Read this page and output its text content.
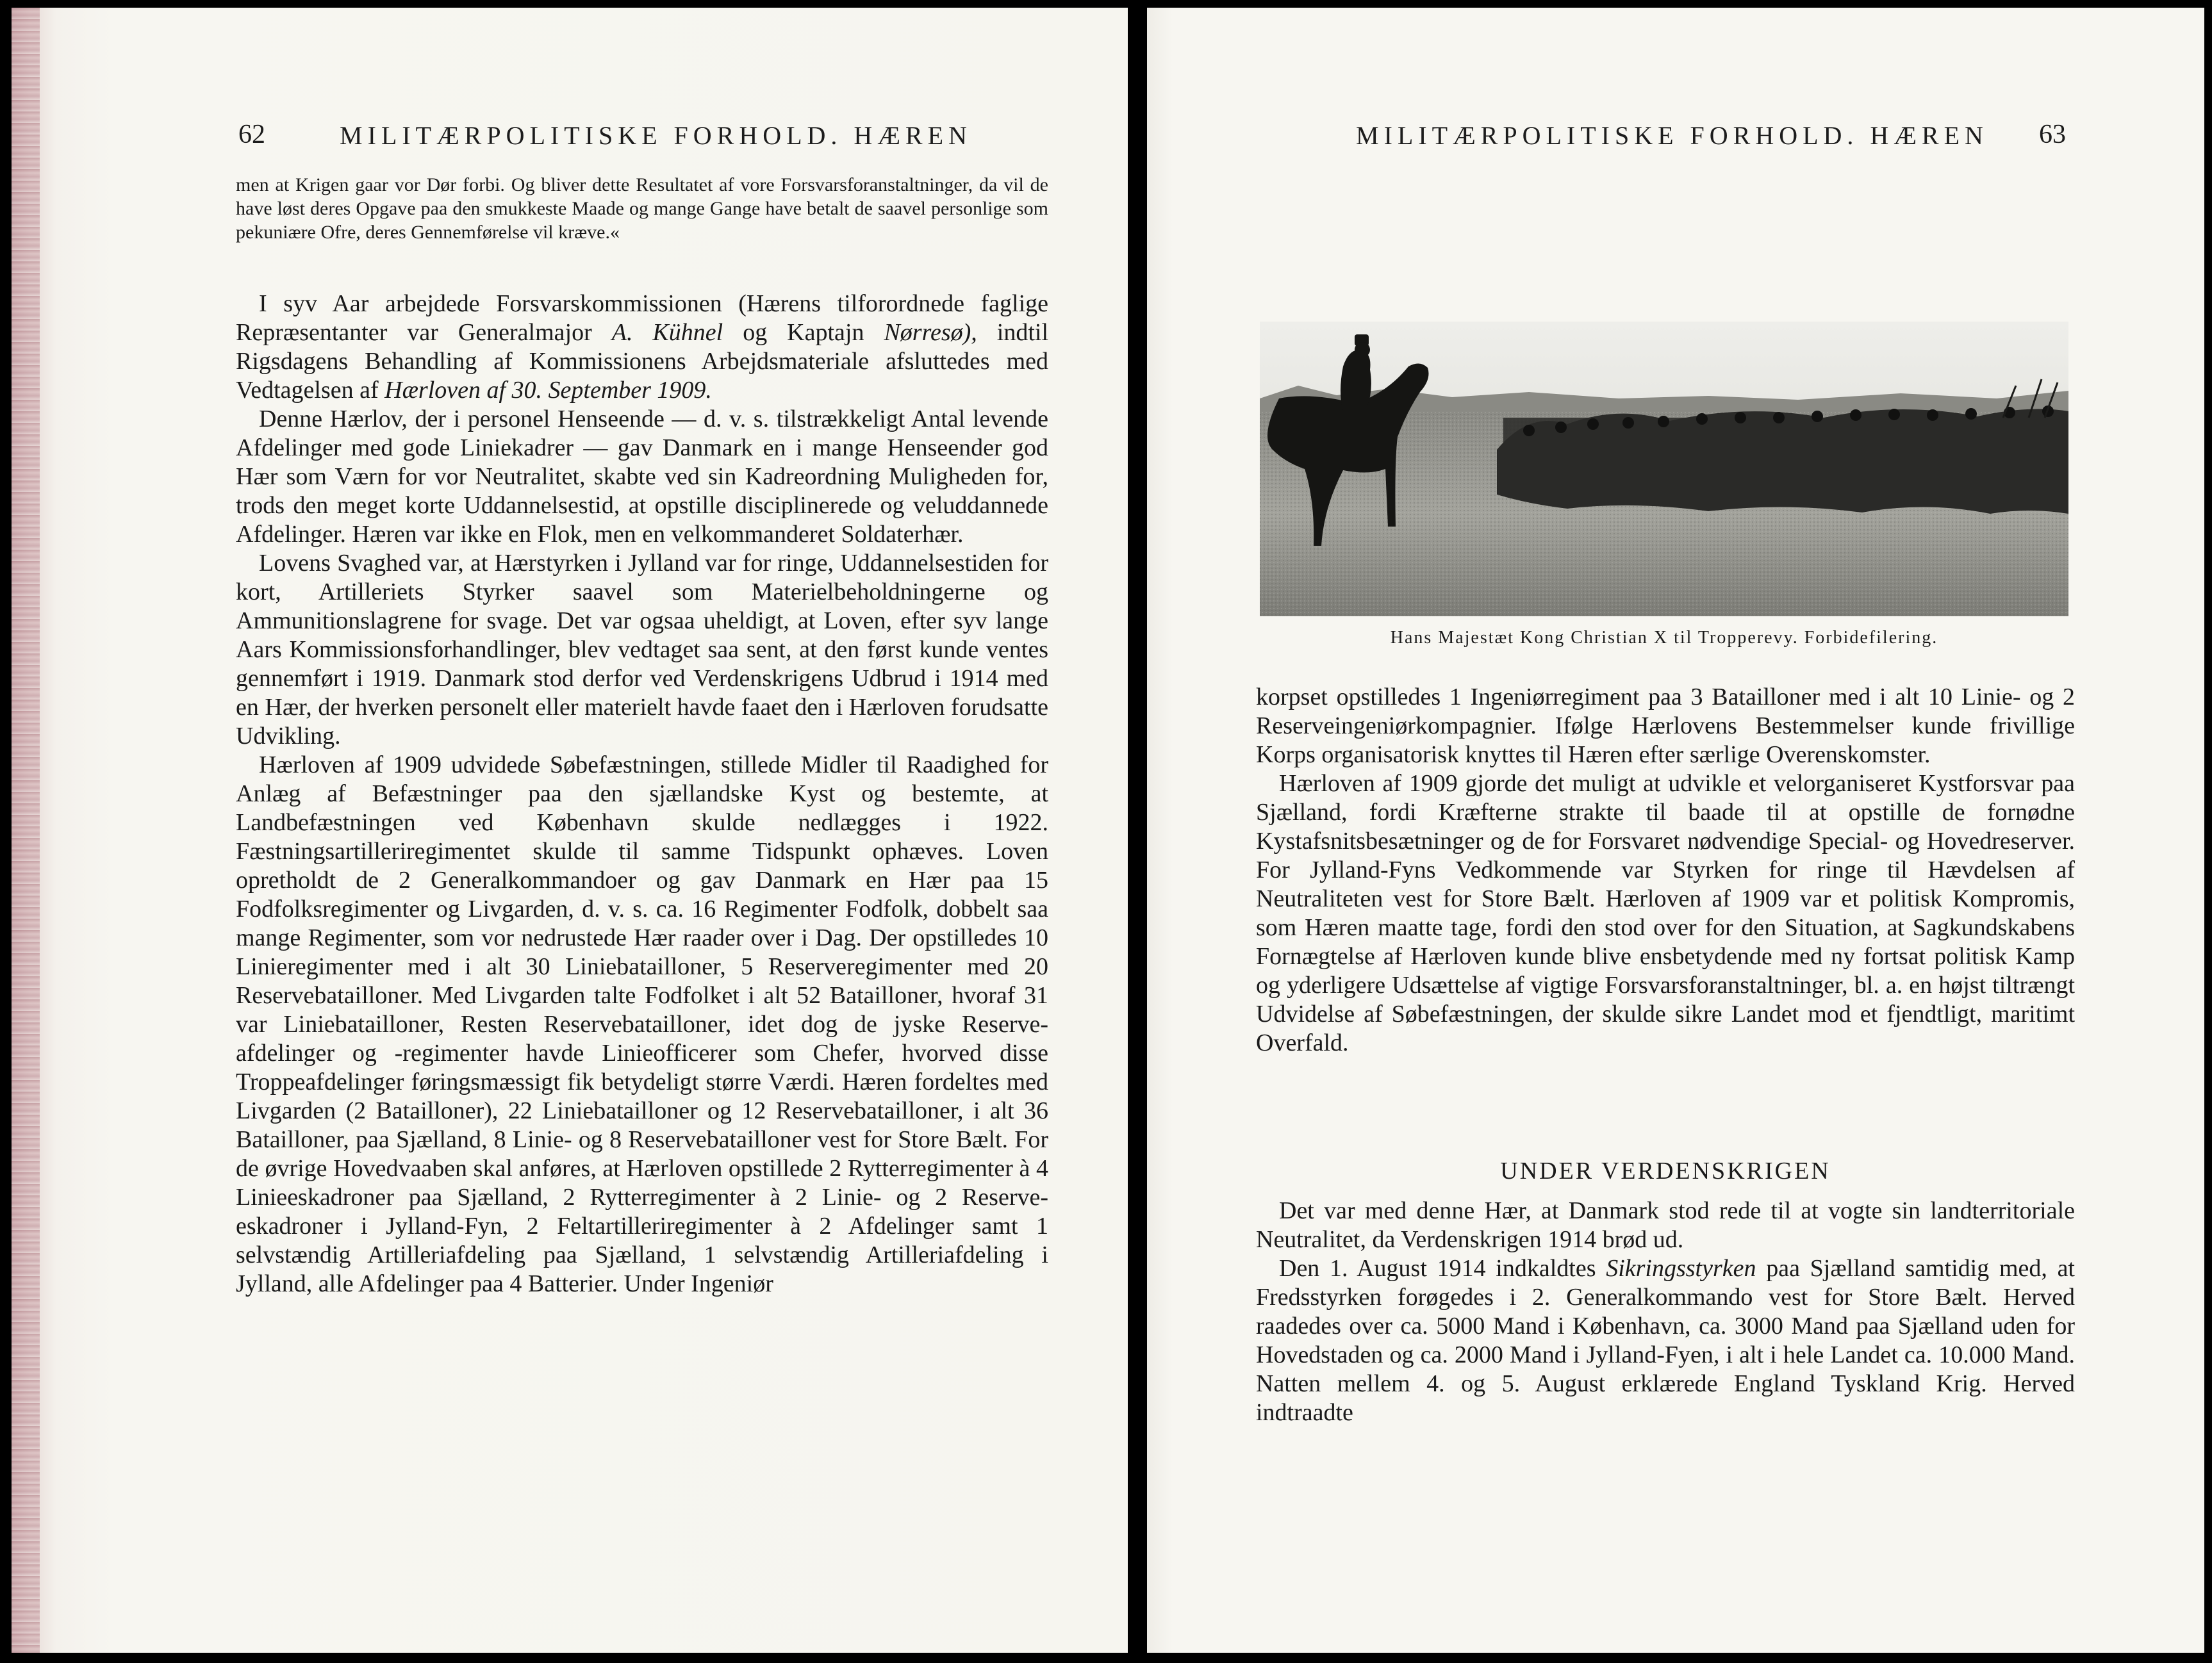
62	MILITÆRPOLITISKE FORHOLD. HÆREN

men at Krigen gaar vor Dør forbi. Og bliver dette Resultatet af vore Forsvarsforanstaltninger, da vil de have løst deres Opgave paa den smukkeste Maade og mange Gange have betalt de saavel personlige som pekuniære Ofre, deres Gennemførelse vil kræve.«

I syv Aar arbejdede Forsvarskommissionen (Hærens tilforordnede faglige Repræsentanter var Generalmajor A. Kühnel og Kaptajn Nørresø), indtil Rigsdagens Behandling af Kommissionens Arbejdsmateriale afsluttedes med Vedtagelsen af Hærloven af 30. September 1909.

Denne Hærlov, der i personel Henseende — d. v. s. tilstrækkeligt Antal levende Afdelinger med gode Liniekadrer — gav Danmark en i mange Henseender god Hær som Værn for vor Neutralitet, skabte ved sin Kadreordning Muligheden for, trods den meget korte Uddannelsestid, at opstille disciplinerede og veluddannede Afdelinger. Hæren var ikke en Flok, men en velkommanderet Soldaterhær.

Lovens Svaghed var, at Hærstyrken i Jylland var for ringe, Uddannelsestiden for kort, Artilleriets Styrker saavel som Materielbeholdningerne og Ammunitionslagrene for svage. Det var ogsaa uheldigt, at Loven, efter syv lange Aars Kommissionsforhandlinger, blev vedtaget saa sent, at den først kunde ventes gennemført i 1919. Danmark stod derfor ved Verdenskrigens Udbrud i 1914 med en Hær, der hverken personelt eller materielt havde faaet den i Hærloven forudsatte Udvikling.

Hærloven af 1909 udvidede Søbefæstningen, stillede Midler til Raadighed for Anlæg af Befæstninger paa den sjællandske Kyst og bestemte, at Landbefæstningen ved København skulde nedlægges i 1922. Fæstningsartilleriregimentet skulde til samme Tidspunkt ophæves. Loven opretholdt de 2 Generalkommandoer og gav Danmark en Hær paa 15 Fodfolksregimenter og Livgarden, d. v. s. ca. 16 Regimenter Fodfolk, dobbelt saa mange Regimenter, som vor nedrustede Hær raader over i Dag. Der opstilledes 10 Linieregimenter med i alt 30 Liniebataillоner, 5 Reserveregimenter med 20 Reservebataillоner. Med Livgarden talte Fodfolket i alt 52 Bataillоner, hvoraf 31 var Liniebataillоner, Resten Reservebataillоner, idet dog de jyske Reserveafdelinger og -regimenter havde Linieofficerer som Chefer, hvorved disse Troppeafdelinger føringsmæssigt fik betydeligt større Værdi. Hæren fordeltes med Livgarden (2 Bataillоner), 22 Liniebataillоner og 12 Reservebataillоner, i alt 36 Bataillоner, paa Sjælland, 8 Linie- og 8 Reservebataillоner vest for Store Bælt. For de øvrige Hovedvaaben skal anføres, at Hærloven opstillede 2 Rytterregimenter à 4 Linieeskadroner paa Sjælland, 2 Rytterregimenter à 2 Linie- og 2 Reserveeskadroner i Jylland-Fyn, 2 Feltartilleriregimenter à 2 Afdelinger samt 1 selvstændig Artilleriafdeling paa Sjælland, 1 selvstændig Artilleriafdeling i Jylland, alle Afdelinger paa 4 Batterier. Under Ingeniør

MILITÆRPOLITISKE FORHOLD. HÆREN 63
Hans Majestæt Kong Christian X til Tropperevy. Forbidefilering.

korpset opstilledes 1 Ingeniørregiment paa 3 Bataillоner med i alt 10 Linie- og 2 Reserveingeniørkompagnier. Ifølge Hærlovens Bestemmelser kunde frivillige Korps organisatorisk knyttes til Hæren efter særlige Overenskomster.

Hærloven af 1909 gjorde det muligt at udvikle et velorganiseret Kystforsvar paa Sjælland, fordi Kræfterne strakte til baade til at opstille de fornødne Kystafsnitsbesætninger og de for Forsvaret nødvendige Special- og Hovedreserver. For Jylland-Fyns Vedkommende var Styrken for ringe til Hævdelsen af Neutraliteten vest for Store Bælt. Hærloven af 1909 var et politisk Kompromis, som Hæren maatte tage, fordi den stod over for den Situation, at Sagkundskabens Fornægtelse af Hærloven kunde blive ensbetydende med ny fortsat politisk Kamp og yderligere Udsættelse af vigtige Forsvarsforanstaltninger, bl. a. en højst tiltrængt Udvidelse af Søbefæstningen, der skulde sikre Landet mod et fjendtligt, maritimt Overfald.

UNDER VERDENSKRIGEN

Det var med denne Hær, at Danmark stod rede til at vogte sin landterritoriale Neutralitet, da Verdenskrigen 1914 brød ud.

Den 1. August 1914 indkaldtes Sikringsstyrken paa Sjælland samtidig med, at Fredsstyrken forøgedes i 2. Generalkommando vest for Store Bælt. Herved raadedes over ca. 5000 Mand i København, ca. 3000 Mand paa Sjælland uden for Hovedstaden og ca. 2000 Mand i Jylland-Fyen, i alt i hele Landet ca. 10.000 Mand. Natten mellem 4. og 5. August erklærede England Tyskland Krig. Herved indtraadte
